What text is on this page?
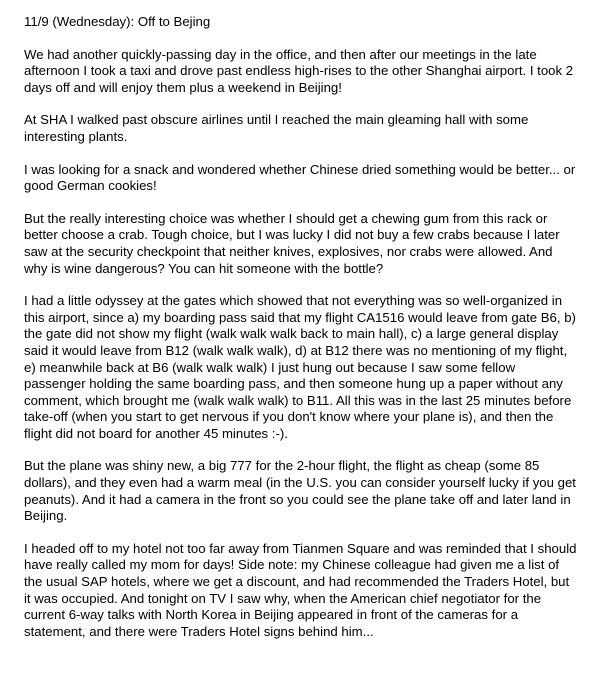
11/9 (Wednesday): Off to Bejing

We had another quickly-passing day in the office, and then after our meetings in the late afternoon I took a taxi and drove past endless high-rises to the other Shanghai airport. I took 2 days off and will enjoy them plus a weekend in Beijing!

At SHA I walked past obscure airlines until I reached the main gleaming hall with some interesting plants.

I was looking for a snack and wondered whether Chinese dried something would be better... or good German cookies!

But the really interesting choice was whether I should get a chewing gum from this rack or better choose a crab. Tough choice, but I was lucky I did not buy a few crabs because I later saw at the security checkpoint that neither knives, explosives, nor crabs were allowed. And why is wine dangerous? You can hit someone with the bottle?

I had a little odyssey at the gates which showed that not everything was so well-organized in this airport, since a) my boarding pass said that my flight CA1516 would leave from gate B6, b) the gate did not show my flight (walk walk walk back to main hall), c) a large general display said it would leave from B12 (walk walk walk), d) at B12 there was no mentioning of my flight, e) meanwhile back at B6 (walk walk walk) I just hung out because I saw some fellow passenger holding the same boarding pass, and then someone hung up a paper without any comment, which brought me (walk walk walk) to B11. All this was in the last 25 minutes before take-off (when you start to get nervous if you don't know where your plane is), and then the flight did not board for another 45 minutes :-).

But the plane was shiny new, a big 777 for the 2-hour flight, the flight as cheap (some 85 dollars), and they even had a warm meal (in the U.S. you can consider yourself lucky if you get peanuts). And it had a camera in the front so you could see the plane take off and later land in Beijing.

I headed off to my hotel not too far away from Tianmen Square and was reminded that I should have really called my mom for days! Side note: my Chinese colleague had given me a list of the usual SAP hotels, where we get a discount, and had recommended the Traders Hotel, but it was occupied. And tonight on TV I saw why, when the American chief negotiator for the current 6-way talks with North Korea in Beijing appeared in front of the cameras for a statement, and there were Traders Hotel signs behind him...
